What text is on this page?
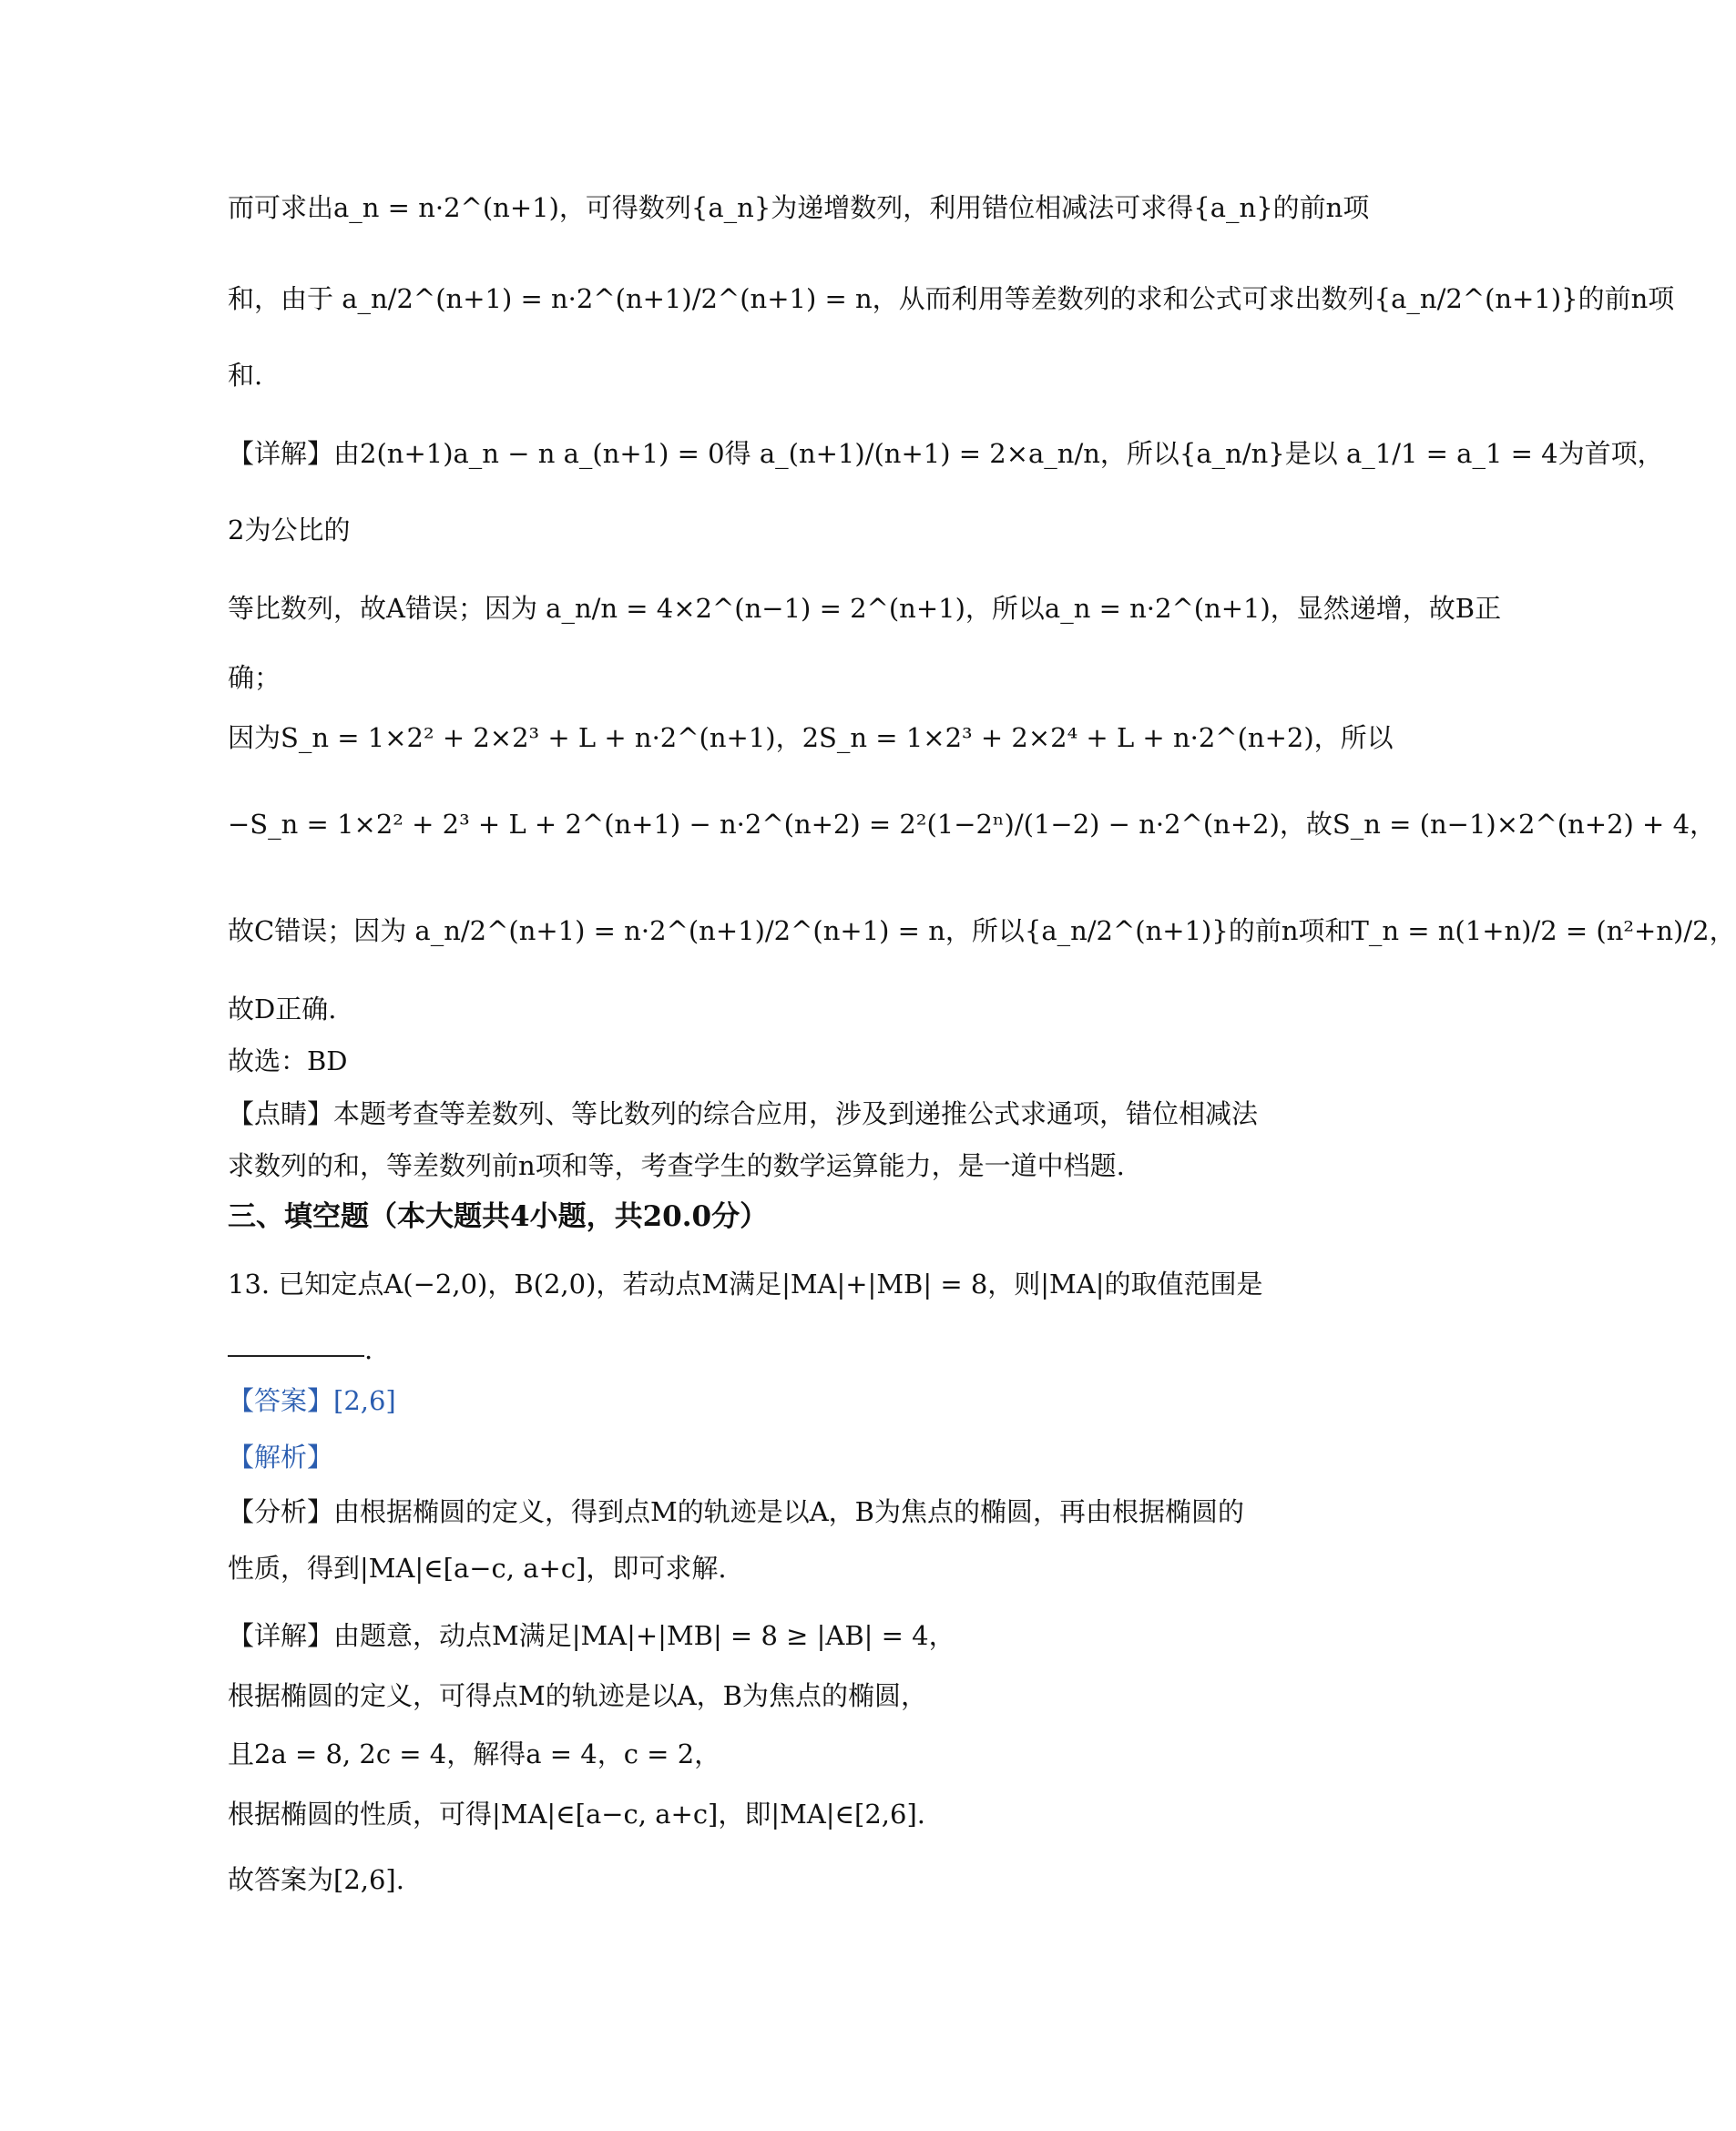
而可求出a_n = n·2^(n+1)，可得数列{a_n}为递增数列，利用错位相减法可求得{a_n}的前n项
和，由于 a_n/2^(n+1) = n·2^(n+1)/2^(n+1) = n，从而利用等差数列的求和公式可求出数列{a_n/2^(n+1)}的前n项
和.
【详解】由2(n+1)a_n − n a_(n+1) = 0得 a_(n+1)/(n+1) = 2×a_n/n，所以{a_n/n}是以 a_1/1 = a_1 = 4为首项，
2为公比的
等比数列，故A错误；因为 a_n/n = 4×2^(n−1) = 2^(n+1)，所以a_n = n·2^(n+1)，显然递增，故B正
确；
因为S_n = 1×2² + 2×2³ + L + n·2^(n+1)，2S_n = 1×2³ + 2×2⁴ + L + n·2^(n+2)，所以
−S_n = 1×2² + 2³ + L + 2^(n+1) − n·2^(n+2) = 2²(1−2ⁿ)/(1−2) − n·2^(n+2)，故S_n = (n−1)×2^(n+2) + 4，
故C错误；因为 a_n/2^(n+1) = n·2^(n+1)/2^(n+1) = n，所以{a_n/2^(n+1)}的前n项和T_n = n(1+n)/2 = (n²+n)/2，
故D正确.
故选：BD
【点睛】本题考查等差数列、等比数列的综合应用，涉及到递推公式求通项，错位相减法
求数列的和，等差数列前n项和等，考查学生的数学运算能力，是一道中档题.
三、填空题（本大题共4小题，共20.0分）
13. 已知定点A(−2,0)，B(2,0)，若动点M满足|MA|+|MB| = 8，则|MA|的取值范围是
.
【答案】[2,6]
【解析】
【分析】由根据椭圆的定义，得到点M的轨迹是以A，B为焦点的椭圆，再由根据椭圆的
性质，得到|MA|∈[a−c, a+c]，即可求解.
【详解】由题意，动点M满足|MA|+|MB| = 8 ≥ |AB| = 4，
根据椭圆的定义，可得点M的轨迹是以A，B为焦点的椭圆，
且2a = 8, 2c = 4，解得a = 4，c = 2，
根据椭圆的性质，可得|MA|∈[a−c, a+c]，即|MA|∈[2,6].
故答案为[2,6].
